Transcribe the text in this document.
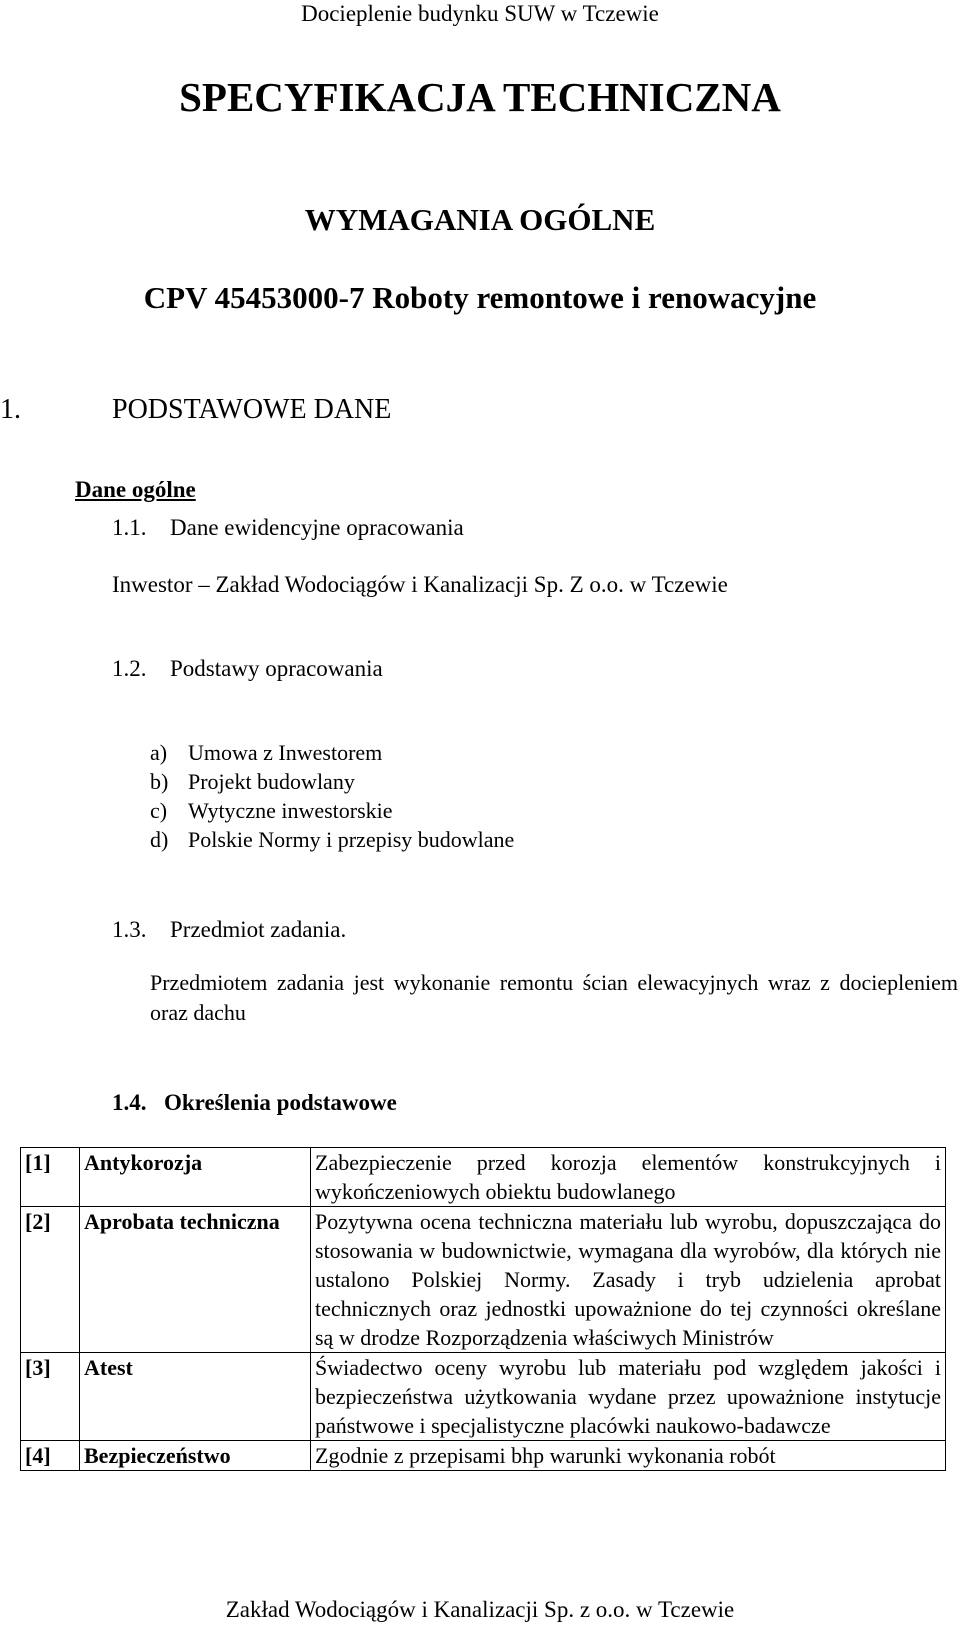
Docieplenie budynku SUW w Tczewie
SPECYFIKACJA TECHNICZNA
WYMAGANIA OGÓLNE
CPV 45453000-7 Roboty remontowe i renowacyjne
1.	PODSTAWOWE DANE
Dane ogólne
1.1. Dane ewidencyjne opracowania
Inwestor – Zakład Wodociągów i Kanalizacji Sp. Z o.o. w Tczewie
1.2. Podstawy opracowania
a) Umowa z Inwestorem
b) Projekt budowlany
c) Wytyczne inwestorskie
d) Polskie Normy i przepisy budowlane
1.3. Przedmiot zadania.
Przedmiotem zadania jest wykonanie remontu ścian elewacyjnych wraz z dociepleniem oraz dachu
1.4. Określenia podstawowe
[1]	Antykorozja	Zabezpieczenie przed korozja elementów konstrukcyjnych i wykończeniowych obiektu budowlanego
[2]	Aprobata techniczna	Pozytywna ocena techniczna materiału lub wyrobu, dopuszczająca do stosowania w budownictwie, wymagana dla wyrobów, dla których nie ustalono Polskiej Normy. Zasady i tryb udzielenia aprobat technicznych oraz jednostki upoważnione do tej czynności określane są w drodze Rozporządzenia właściwych Ministrów
[3]	Atest	Świadectwo oceny wyrobu lub materiału pod względem jakości i bezpieczeństwa użytkowania wydane przez upoważnione instytucje państwowe i specjalistyczne placówki naukowo-badawcze
[4]	Bezpieczeństwo	Zgodnie z przepisami bhp warunki wykonania robót
Zakład Wodociągów i Kanalizacji Sp. z o.o. w Tczewie
